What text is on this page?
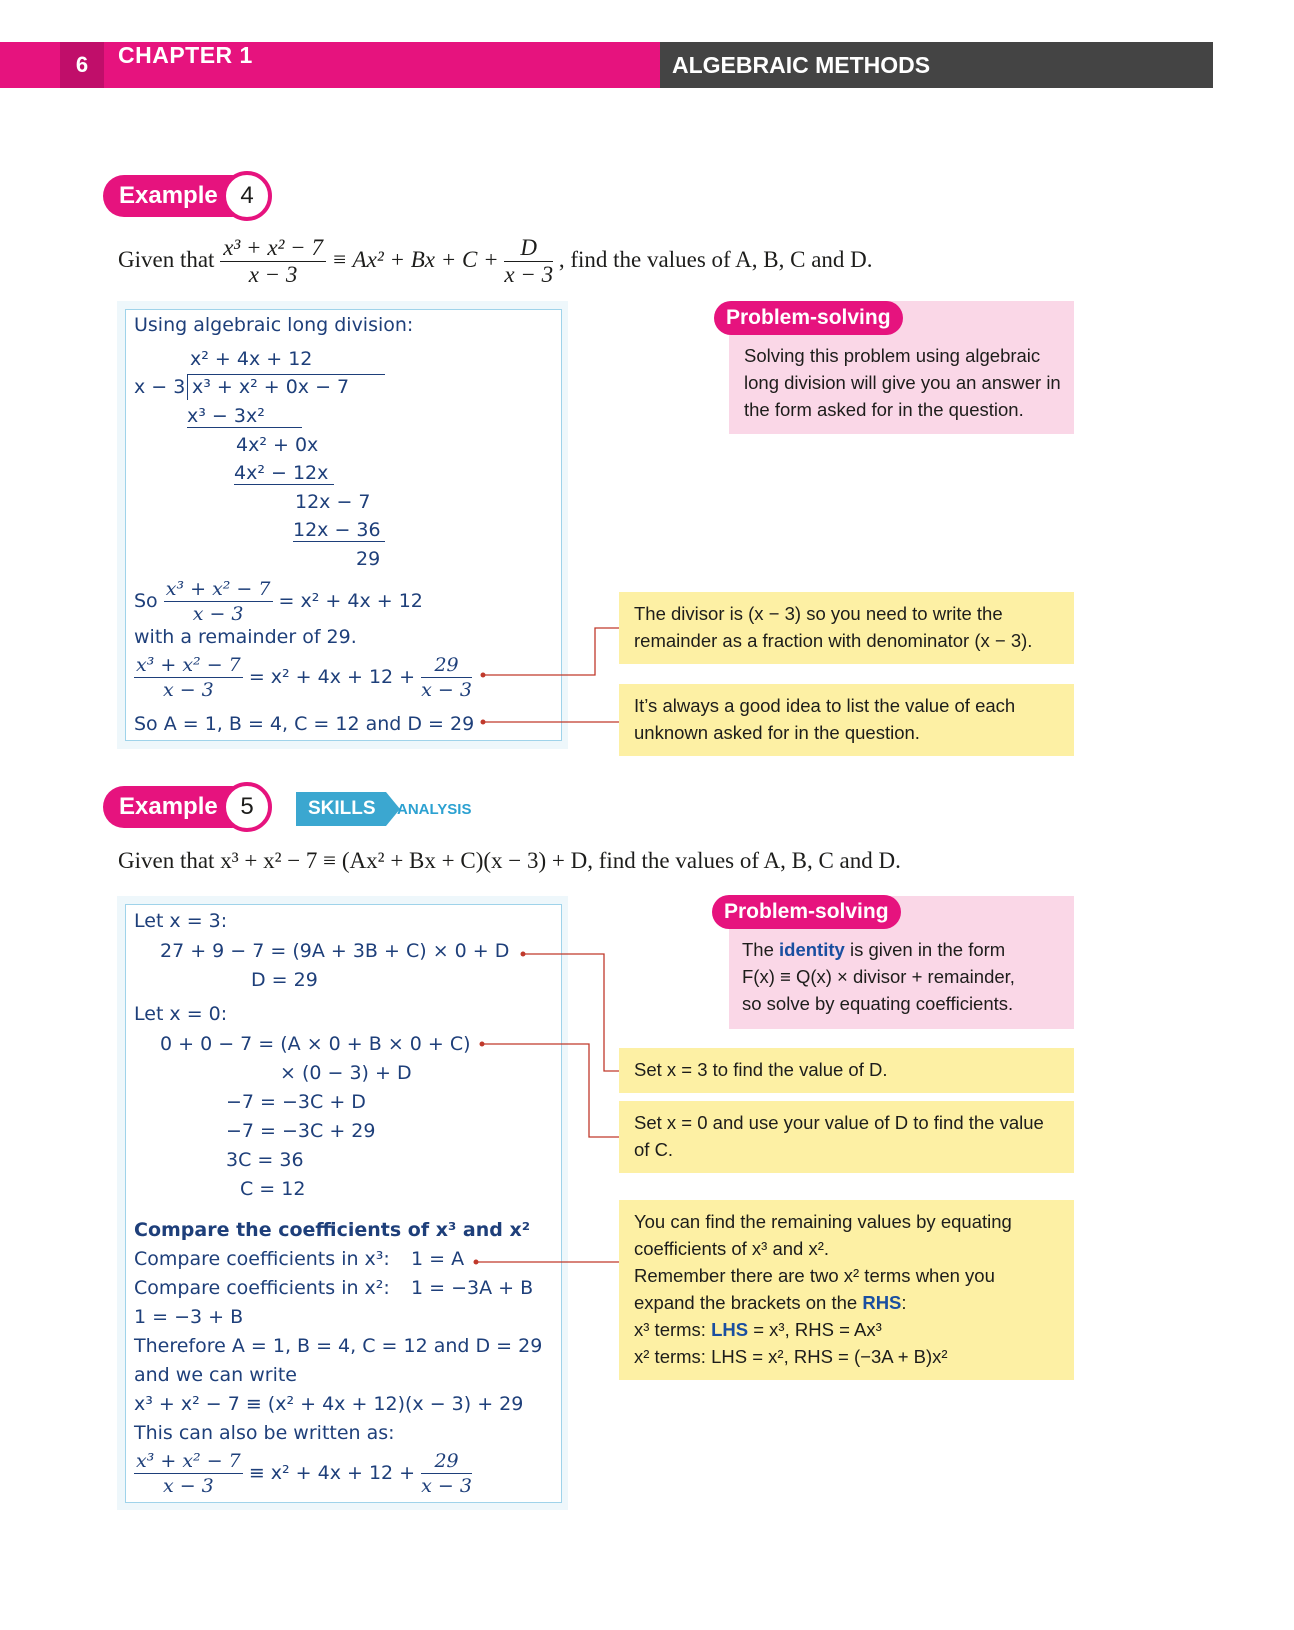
6	CHAPTER 1	ALGEBRAIC METHODS
Example 4
Given that $\frac{\text{x³ + x² − 7}}{x - 3} \equiv Ax^2 + Bx + C + \frac{D}{x - 3}$ , find the values of A, B, C and D.
Using algebraic long division:
x² + 4x + 12
x − 3 x³ + x² + 0x − 7
x³ − 3x²
4x² + 0x
4x² − 12x
12x − 7
12x − 36
29
So $\frac{\text{x³ + x² − 7}}{x - 3} = x^2 + 4x + 12$
with a remainder of 29.
$\frac{\text{x³ + x² − 7}}{x - 3} = x^2 + 4x + 12 + \frac{29}{x - 3}$
So A = 1, B = 4, C = 12 and D = 29
Problem-solving
Solving this problem using algebraic long division will give you an answer in the form asked for in the question.
The divisor is (x − 3) so you need to write the remainder as a fraction with denominator (x − 3).
It’s always a good idea to list the value of each unknown asked for in the question.
Example 5	SKILLS	ANALYSIS
Given that x³ + x² − 7 ≡ (Ax² + Bx + C)(x − 3) + D, find the values of A, B, C and D.
Let x = 3:
27 + 9 − 7 = (9A + 3B + C) × 0 + D
D = 29
Let x = 0:
0 + 0 − 7 = (A × 0 + B × 0 + C)
× (0 − 3) + D
−7 = −3C + D
−7 = −3C + 29
3C = 36
C = 12
Compare the coefficients of x³ and x²
Compare coefficients in x³: 1 = A
Compare coefficients in x²: 1 = −3A + B
1 = −3 + B
Therefore A = 1, B = 4, C = 12 and D = 29
and we can write
x³ + x² − 7 ≡ (x² + 4x + 12)(x − 3) + 29
This can also be written as:
$\frac{\text{x³ + x² − 7}}{x - 3} \equiv x^2 + 4x + 12 + \frac{29}{x - 3}$
Problem-solving
The identity is given in the form
F(x) ≡ Q(x) × divisor + remainder,
so solve by equating coefficients.
Set x = 3 to find the value of D.
Set x = 0 and use your value of D to find the value of C.
You can find the remaining values by equating coefficients of x³ and x².
Remember there are two x² terms when you expand the brackets on the RHS:
x³ terms: LHS = x³, RHS = Ax³
x² terms: LHS = x², RHS = (−3A + B)x²
